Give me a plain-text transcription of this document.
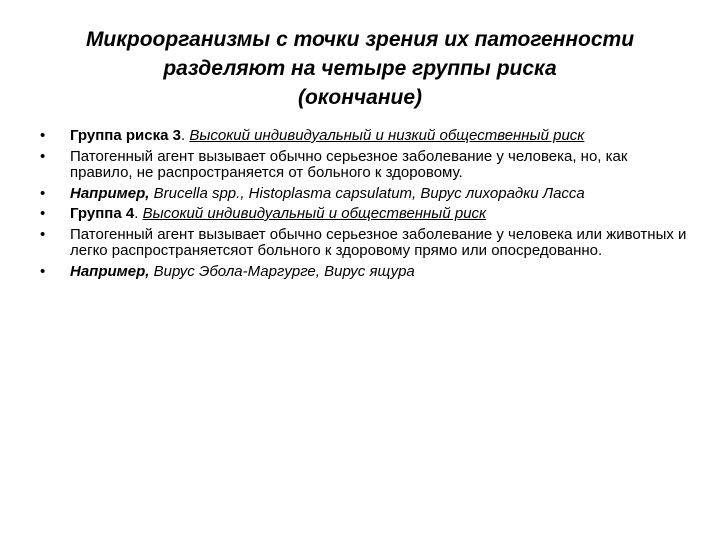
Микроорганизмы с точки зрения их патогенности
разделяют на четыре группы риска
(окончание)
•	Группа риска 3. Высокий индивидуальный и низкий общественный риск
•	Патогенный агент вызывает обычно серьезное заболевание у человека, но, как правило, не распространяется от больного к здоровому.
•	Например, Brucella spp., Histoplasma capsulatum, Вирус лихорадки Ласса
•	Группа 4. Высокий индивидуальный и общественный риск
•	Патогенный агент вызывает обычно серьезное заболевание у человека или животных и легко распространяетсяот больного к здоровому прямо или опосредованно.
•	Например, Вирус Эбола-Маргурге, Вирус ящура
